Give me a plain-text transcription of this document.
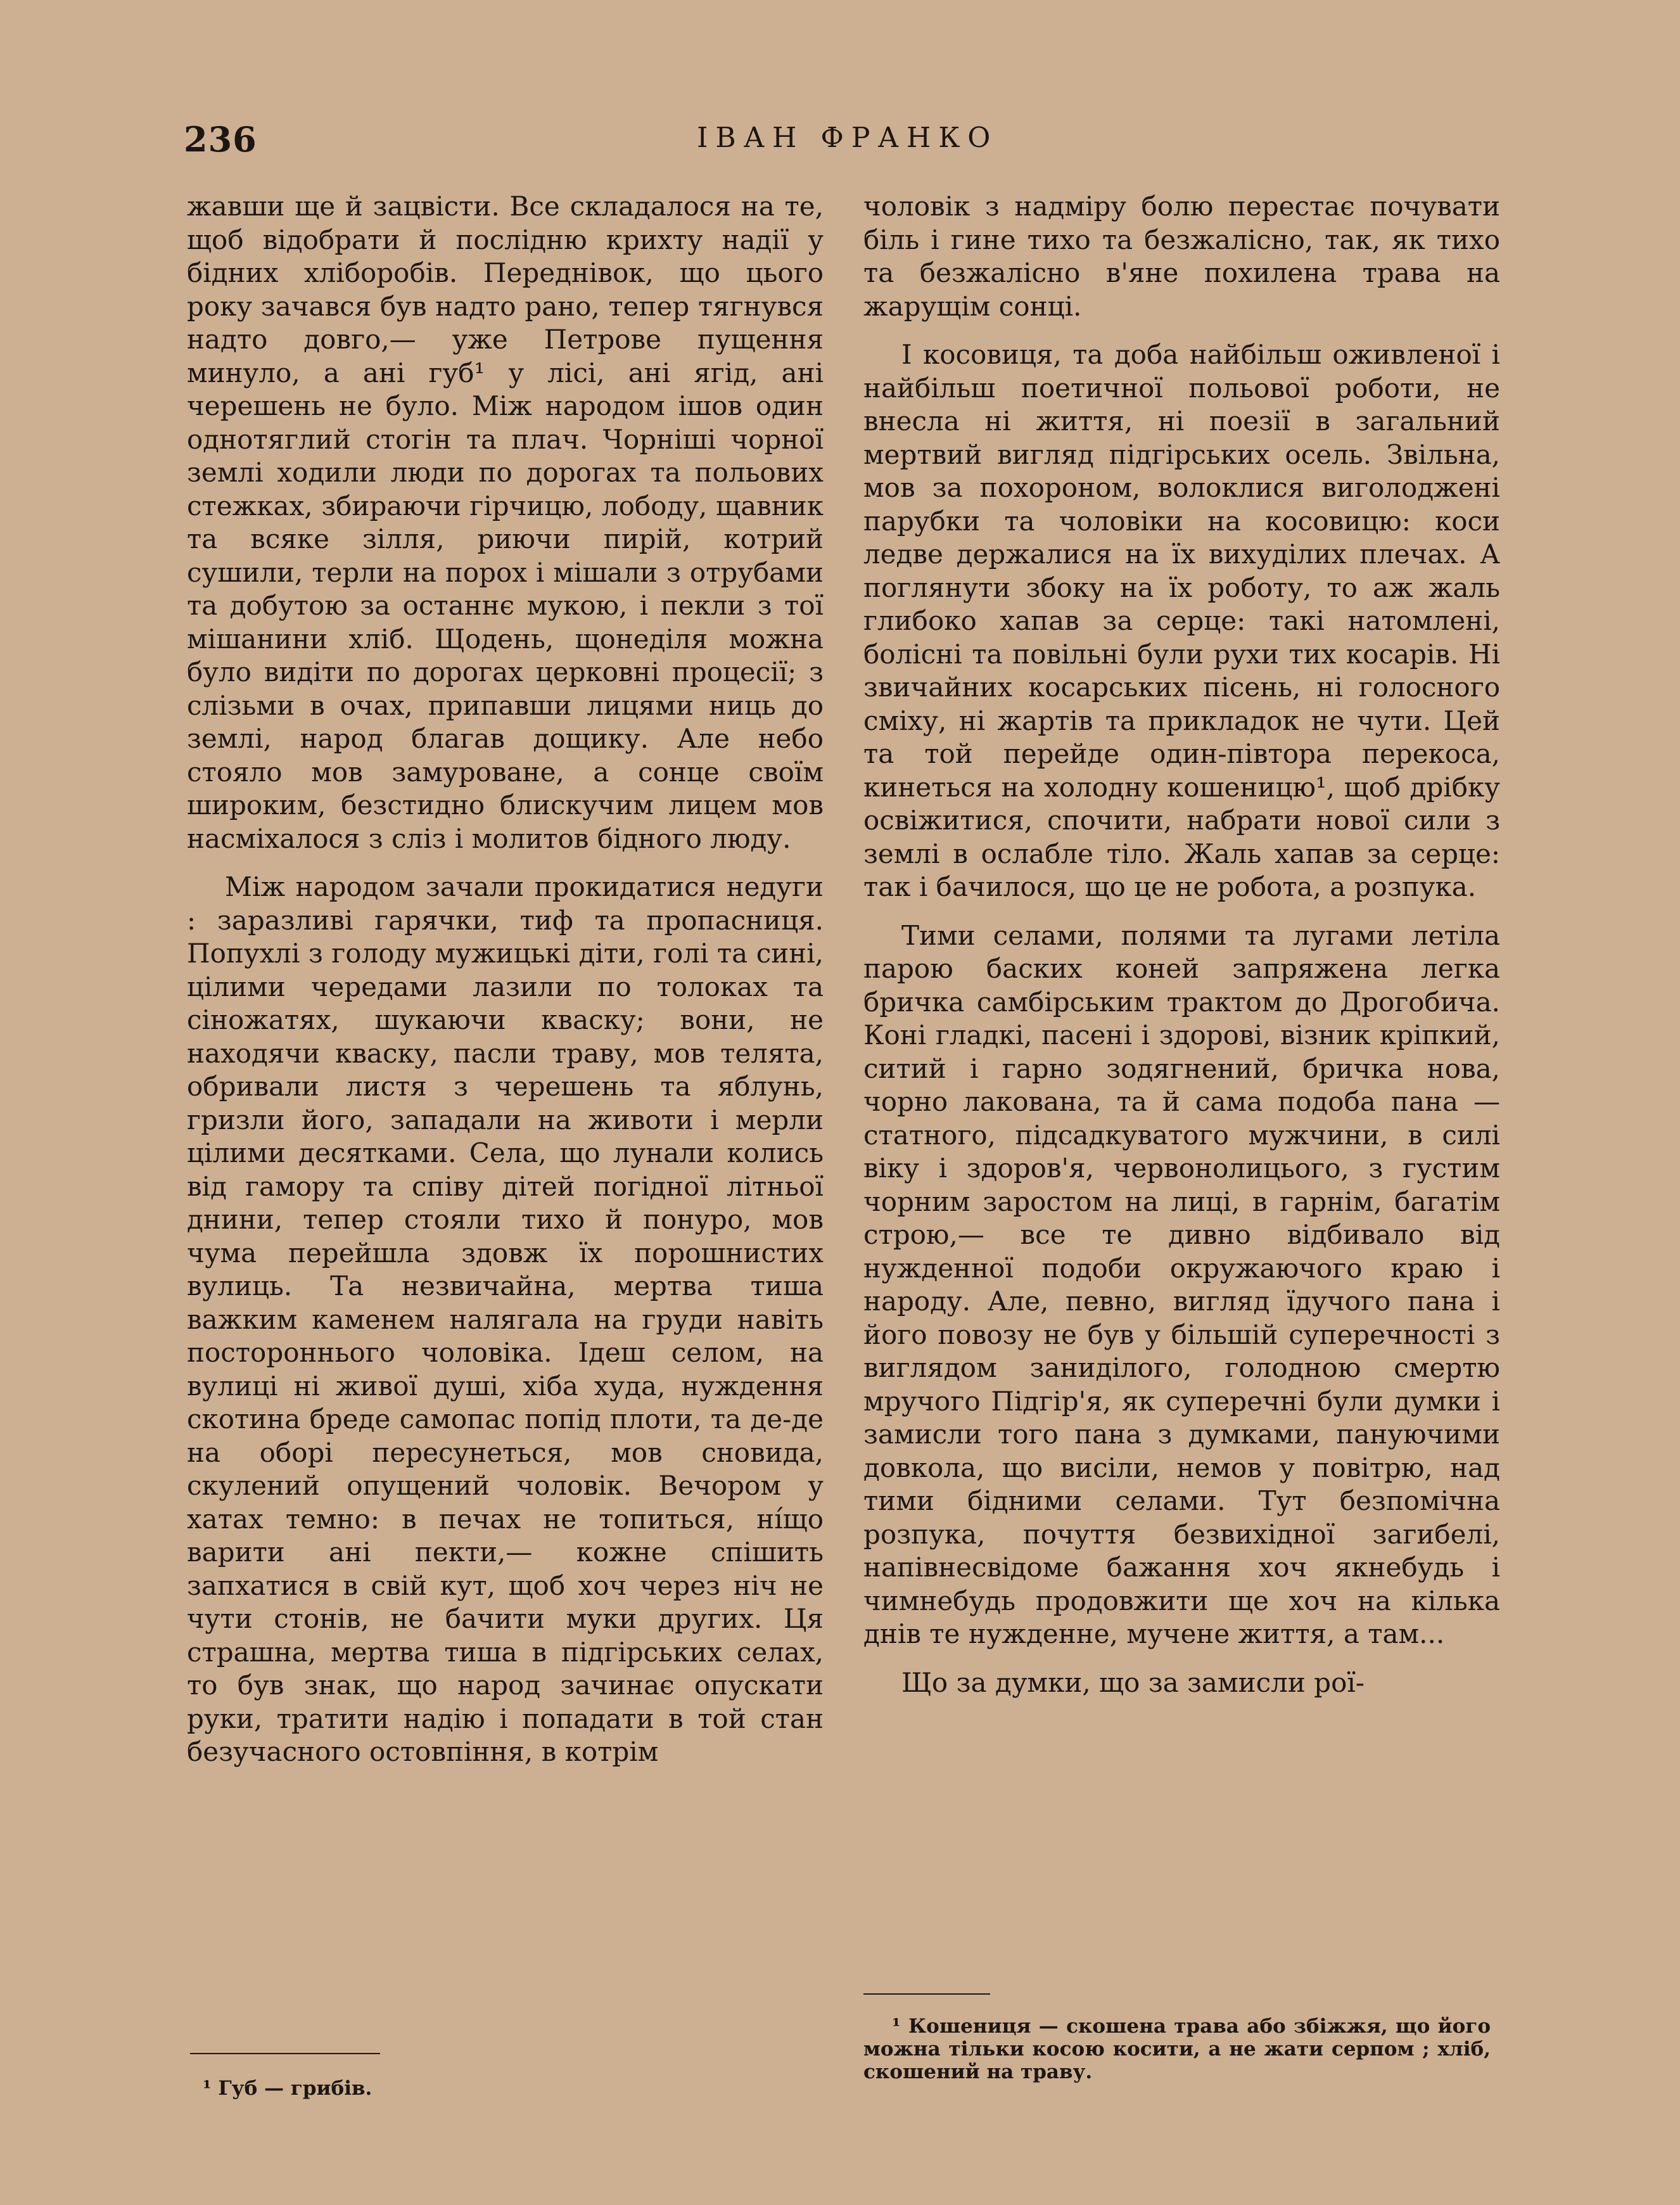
236	ІВАН ФРАНКО

жавши ще й зацвісти. Все складалося на те, щоб відобрати й послідню крихту надії у бідних хліборобів. Переднівок, що цього року зачався був надто рано, тепер тягнувся надто довго,— уже Петрове пущення минуло, а ані губ¹ у лісі, ані ягід, ані черешень не було. Між народом ішов один однотяглий стогін та плач. Чорніші чорної землі ходили люди по дорогах та польових стежках, збираючи гірчицю, лободу, щавник та всяке зілля, риючи пирій, котрий сушили, терли на порох і мішали з отрубами та добутою за останнє мукою, і пекли з тої мішанини хліб. Щодень, щонеділя можна було видіти по дорогах церковні процесії; з слізьми в очах, припавши лицями ниць до землі, народ благав дощику. Але небо стояло мов замуроване, а сонце своїм широким, безстидно блискучим лицем мов насміхалося з сліз і молитов бідного люду.

Між народом зачали прокидатися недуги : заразливі гарячки, тиф та пропасниця. Попухлі з голоду мужицькі діти, голі та сині, цілими чередами лазили по толоках та сіножатях, шукаючи кваску; вони, не находячи кваску, пасли траву, мов телята, обривали листя з черешень та яблунь, гризли його, западали на животи і мерли цілими десятками. Села, що лунали колись від гамору та співу дітей погідної літньої днини, тепер стояли тихо й понуро, мов чума перейшла здовж їх порошнистих вулиць. Та незвичайна, мертва тиша важким каменем налягала на груди навіть постороннього чоловіка. Ідеш селом, на вулиці ні живої душі, хіба худа, нуждення скотина бреде самопас попід плоти, та де-де на оборі пересунеться, мов сновида, скулений опущений чоловік. Вечором у хатах темно: в печах не топиться, нíщо варити ані пекти,— кожне спішить запхатися в свій кут, щоб хоч через ніч не чути стонів, не бачити муки других. Ця страшна, мертва тиша в підгірських селах, то був знак, що народ зачинає опускати руки, тратити надію і попадати в той стан безучасного остовпіння, в котрім

чоловік з надміру болю перестає почувати біль і гине тихо та безжалісно, так, як тихо та безжалісно в'яне похилена трава на жарущім сонці.

І косовиця, та доба найбільш оживленої і найбільш поетичної польової роботи, не внесла ні життя, ні поезії в загальний мертвий вигляд підгірських осель. Звільна, мов за похороном, волоклися виголоджені парубки та чоловіки на косовицю: коси ледве держалися на їх вихуділих плечах. А поглянути збоку на їх роботу, то аж жаль глибоко хапав за серце: такі натомлені, болісні та повільні були рухи тих косарів. Ні звичайних косарських пісень, ні голосного сміху, ні жартів та прикладок не чути. Цей та той перейде один-півтора перекоса, кинеться на холодну кошеницю¹, щоб дрібку освіжитися, спочити, набрати нової сили з землі в ослабле тіло. Жаль хапав за серце: так і бачилося, що це не робота, а розпука.

Тими селами, полями та лугами летіла парою баских коней запряжена легка бричка самбірським трактом до Дрогобича. Коні гладкі, пасені і здорові, візник кріпкий, ситий і гарно зодягнений, бричка нова, чорно лакована, та й сама подоба пана — статного, підсадкуватого мужчини, в силі віку і здоров'я, червонолицього, з густим чорним заростом на лиці, в гарнім, багатім строю,— все те дивно відбивало від нужденної подоби окружаючого краю і народу. Але, певно, вигляд їдучого пана і його повозу не був у більшій суперечності з виглядом заниділого, голодною смертю мручого Підгір'я, як суперечні були думки і замисли того пана з думками, пануючими довкола, що висіли, немов у повітрю, над тими бідними селами. Тут безпомічна розпука, почуття безвихідної загибелі, напівнесвідоме бажання хоч якнебудь і чимнебудь продовжити ще хоч на кілька днів те нужденне, мучене життя, а там...

Що за думки, що за замисли рої-

¹ Губ — грибів.

¹ Кошениця — скошена трава або збіжжя, що його можна тільки косою косити, а не жати серпом ; хліб, скошений на траву.
